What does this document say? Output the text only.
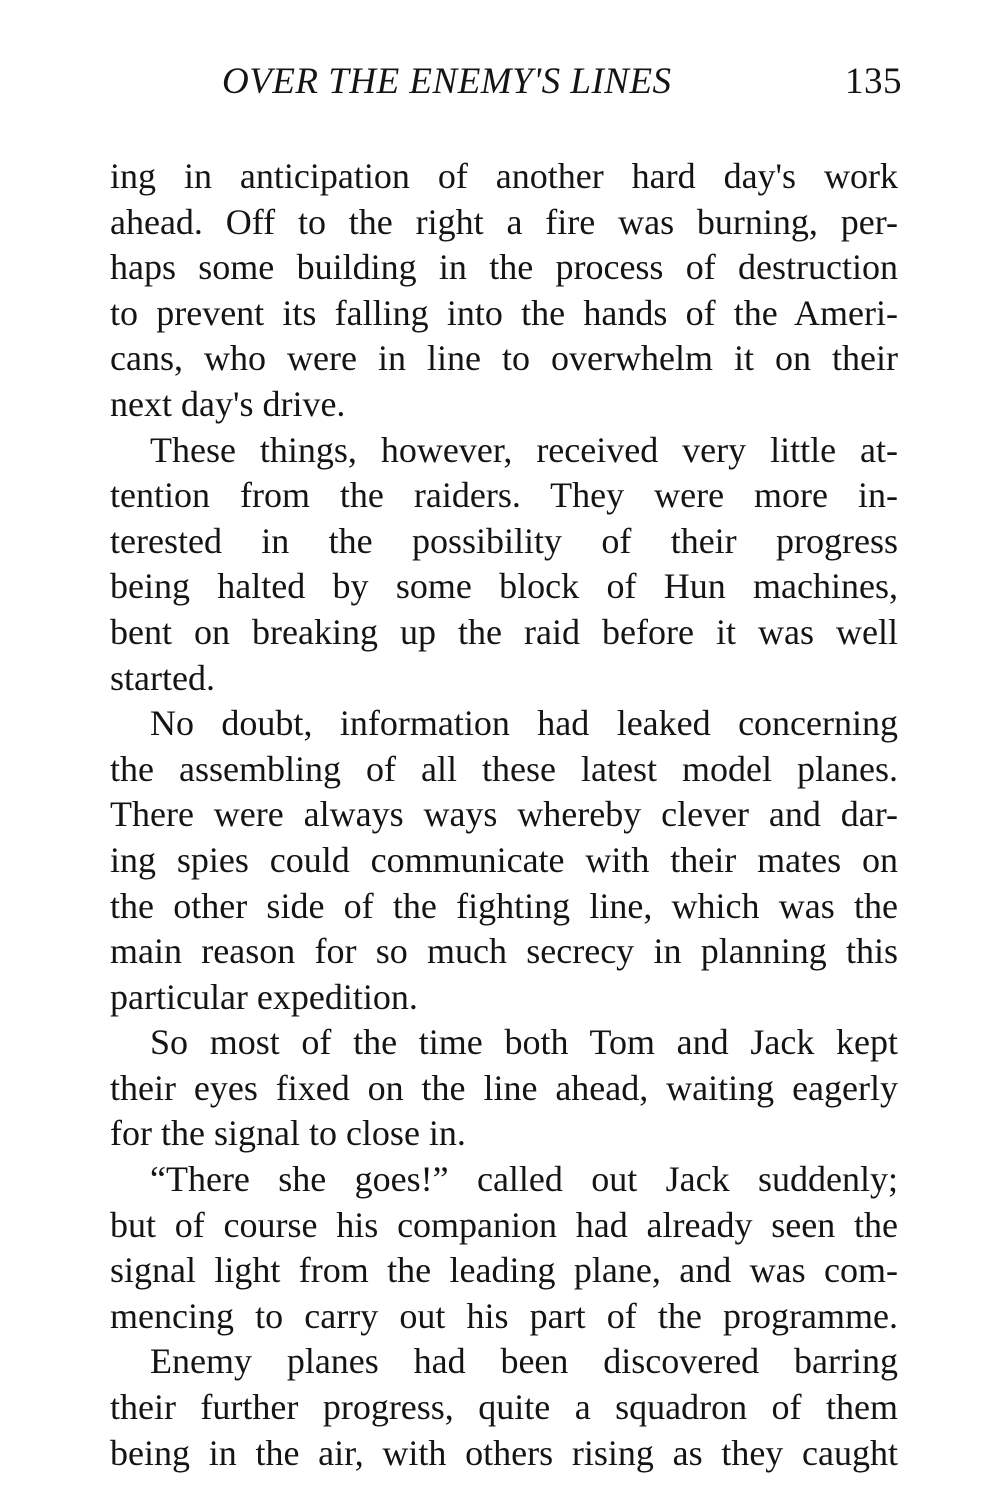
OVER THE ENEMY'S LINES	135
ing in anticipation of another hard day's work
ahead. Off to the right a fire was burning, per-
haps some building in the process of destruction
to prevent its falling into the hands of the Ameri-
cans, who were in line to overwhelm it on their
next day's drive.
These things, however, received very little at-
tention from the raiders. They were more in-
terested in the possibility of their progress
being halted by some block of Hun machines,
bent on breaking up the raid before it was well
started.
No doubt, information had leaked concerning
the assembling of all these latest model planes.
There were always ways whereby clever and dar-
ing spies could communicate with their mates on
the other side of the fighting line, which was the
main reason for so much secrecy in planning this
particular expedition.
So most of the time both Tom and Jack kept
their eyes fixed on the line ahead, waiting eagerly
for the signal to close in.
“There she goes!” called out Jack suddenly;
but of course his companion had already seen the
signal light from the leading plane, and was com-
mencing to carry out his part of the programme.
Enemy planes had been discovered barring
their further progress, quite a squadron of them
being in the air, with others rising as they caught
